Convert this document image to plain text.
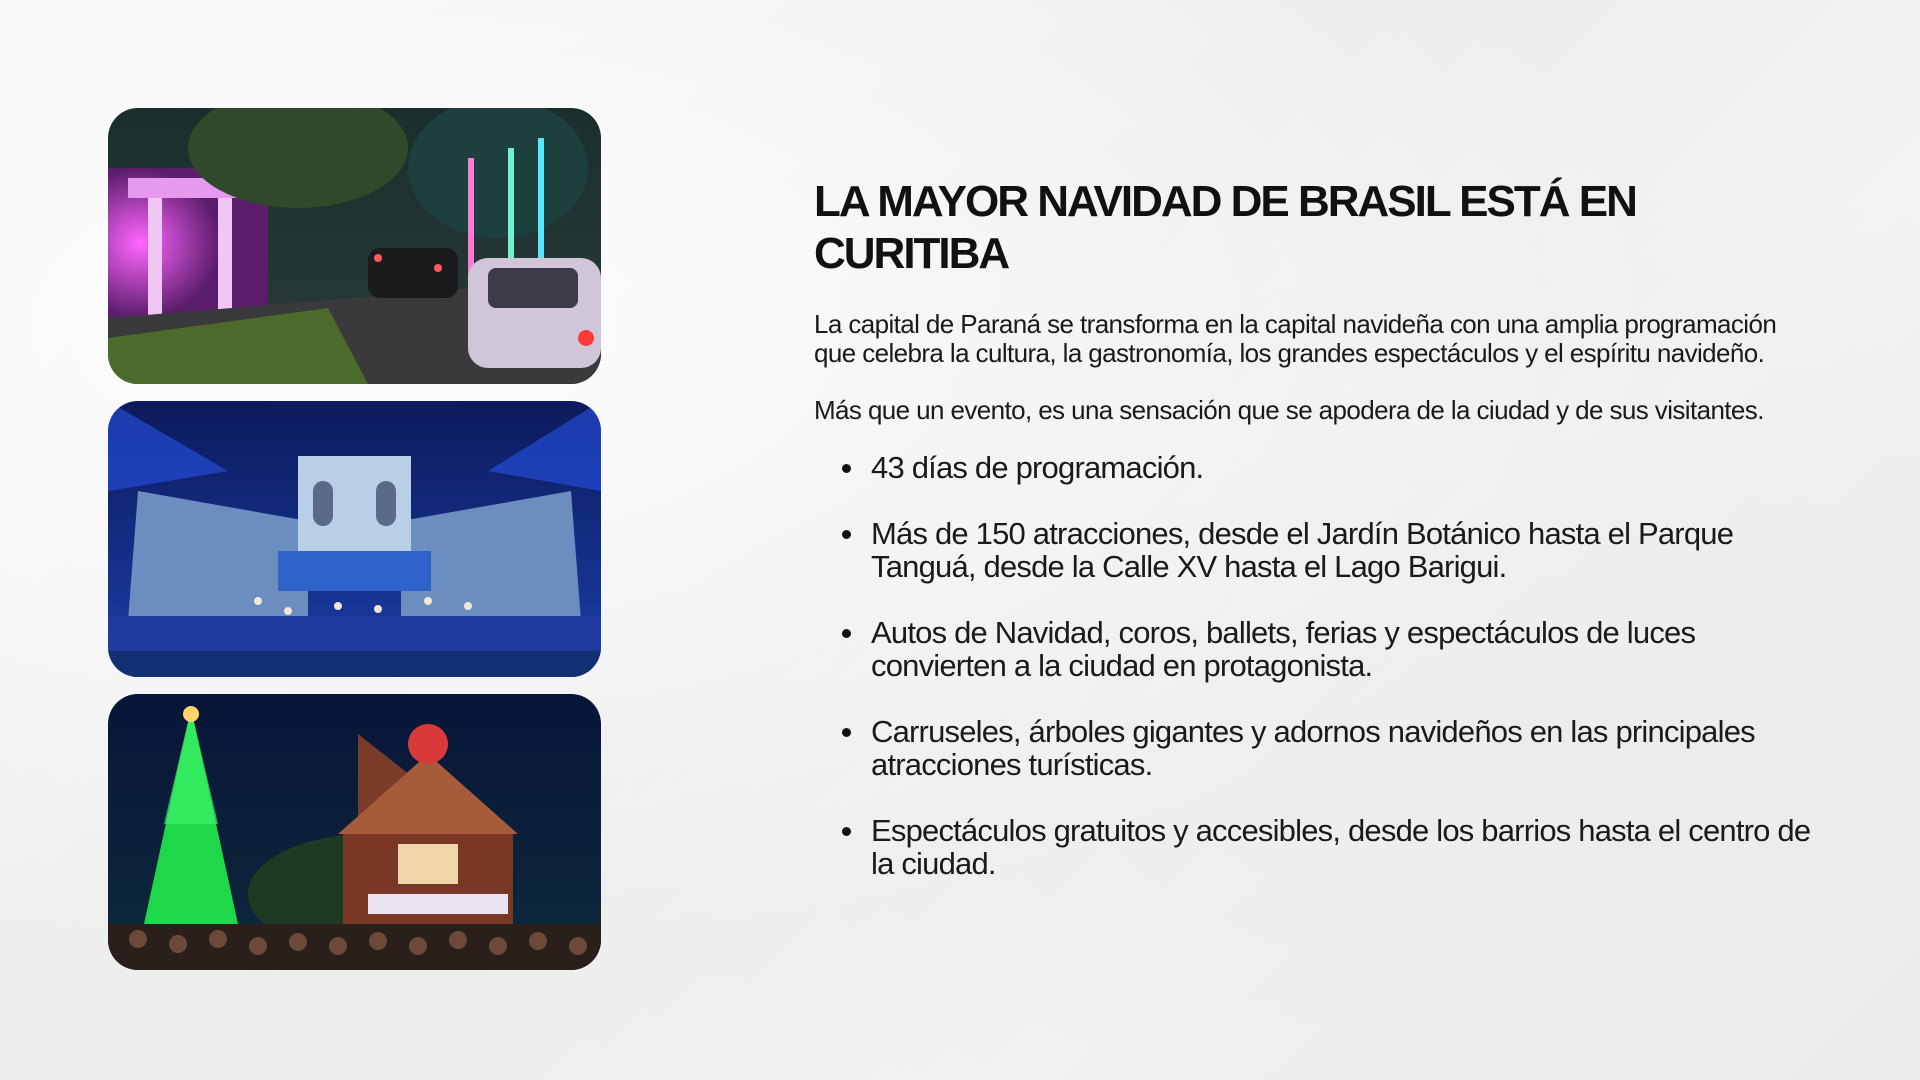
LA MAYOR NAVIDAD DE BRASIL ESTÁ EN CURITIBA

La capital de Paraná se transforma en la capital navideña con una amplia programación que celebra la cultura, la gastronomía, los grandes espectáculos y el espíritu navideño.

Más que un evento, es una sensación que se apodera de la ciudad y de sus visitantes.

43 días de programación.
Más de 150 atracciones, desde el Jardín Botánico hasta el Parque Tanguá, desde la Calle XV hasta el Lago Barigui.
Autos de Navidad, coros, ballets, ferias y espectáculos de luces convierten a la ciudad en protagonista.
Carruseles, árboles gigantes y adornos navideños en las principales atracciones turísticas.
Espectáculos gratuitos y accesibles, desde los barrios hasta el centro de la ciudad.
